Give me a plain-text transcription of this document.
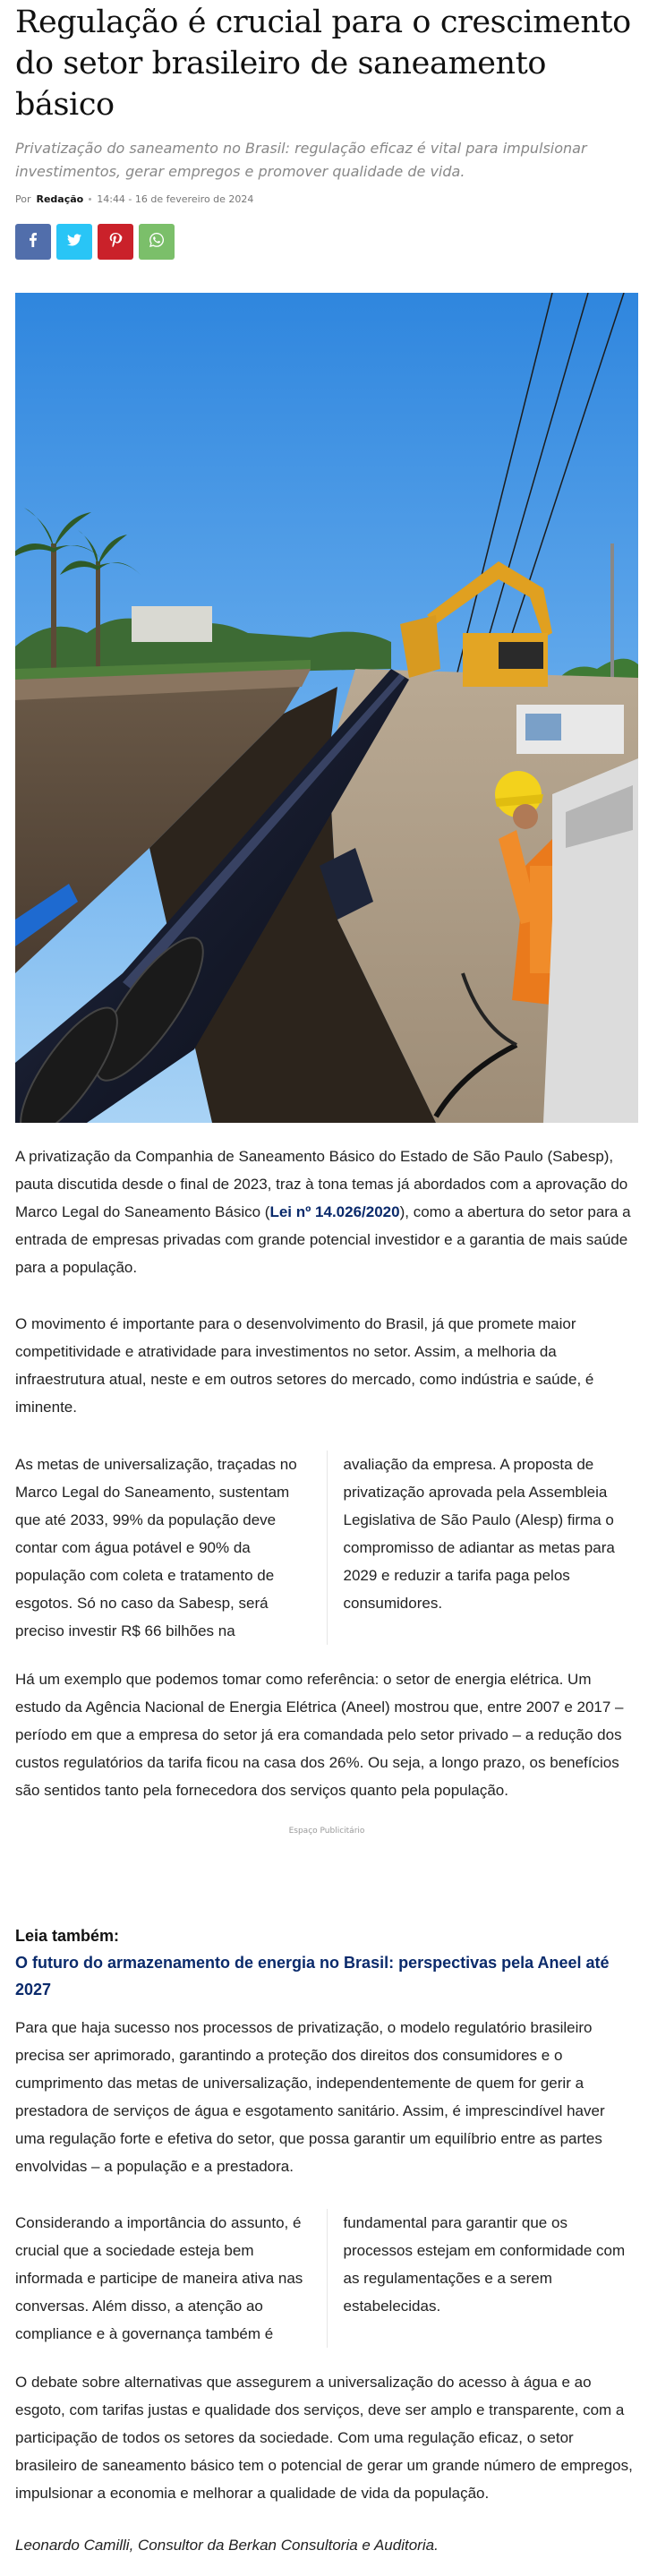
Regulação é crucial para o crescimento do setor brasileiro de saneamento básico
Privatização do saneamento no Brasil: regulação eficaz é vital para impulsionar investimentos, gerar empregos e promover qualidade de vida.
Por Redação 14:44 - 16 de fevereiro de 2024

A privatização da Companhia de Saneamento Básico do Estado de São Paulo (Sabesp), pauta discutida desde o final de 2023, traz à tona temas já abordados com a aprovação do Marco Legal do Saneamento Básico (Lei nº 14.026/2020), como a abertura do setor para a entrada de empresas privadas com grande potencial investidor e a garantia de mais saúde para a população.

O movimento é importante para o desenvolvimento do Brasil, já que promete maior competitividade e atratividade para investimentos no setor. Assim, a melhoria da infraestrutura atual, neste e em outros setores do mercado, como indústria e saúde, é iminente.

As metas de universalização, traçadas no Marco Legal do Saneamento, sustentam que até 2033, 99% da população deve contar com água potável e 90% da população com coleta e tratamento de esgotos. Só no caso da Sabesp, será preciso investir R$ 66 bilhões na
avaliação da empresa. A proposta de privatização aprovada pela Assembleia Legislativa de São Paulo (Alesp) firma o compromisso de adiantar as metas para 2029 e reduzir a tarifa paga pelos consumidores.

Há um exemplo que podemos tomar como referência: o setor de energia elétrica. Um estudo da Agência Nacional de Energia Elétrica (Aneel) mostrou que, entre 2007 e 2017 – período em que a empresa do setor já era comandada pelo setor privado – a redução dos custos regulatórios da tarifa ficou na casa dos 26%. Ou seja, a longo prazo, os benefícios são sentidos tanto pela fornecedora dos serviços quanto pela população.

Espaço Publicitário
Leia também:
O futuro do armazenamento de energia no Brasil: perspectivas pela Aneel até 2027

Para que haja sucesso nos processos de privatização, o modelo regulatório brasileiro precisa ser aprimorado, garantindo a proteção dos direitos dos consumidores e o cumprimento das metas de universalização, independentemente de quem for gerir a prestadora de serviços de água e esgotamento sanitário. Assim, é imprescindível haver uma regulação forte e efetiva do setor, que possa garantir um equilíbrio entre as partes envolvidas – a população e a prestadora.

Considerando a importância do assunto, é crucial que a sociedade esteja bem informada e participe de maneira ativa nas conversas. Além disso, a atenção ao compliance e à governança também é
fundamental para garantir que os processos estejam em conformidade com as regulamentações e a serem estabelecidas.

O debate sobre alternativas que assegurem a universalização do acesso à água e ao esgoto, com tarifas justas e qualidade dos serviços, deve ser amplo e transparente, com a participação de todos os setores da sociedade. Com uma regulação eficaz, o setor brasileiro de saneamento básico tem o potencial de gerar um grande número de empregos, impulsionar a economia e melhorar a qualidade de vida da população.

Leonardo Camilli, Consultor da Berkan Consultoria e Auditoria.
